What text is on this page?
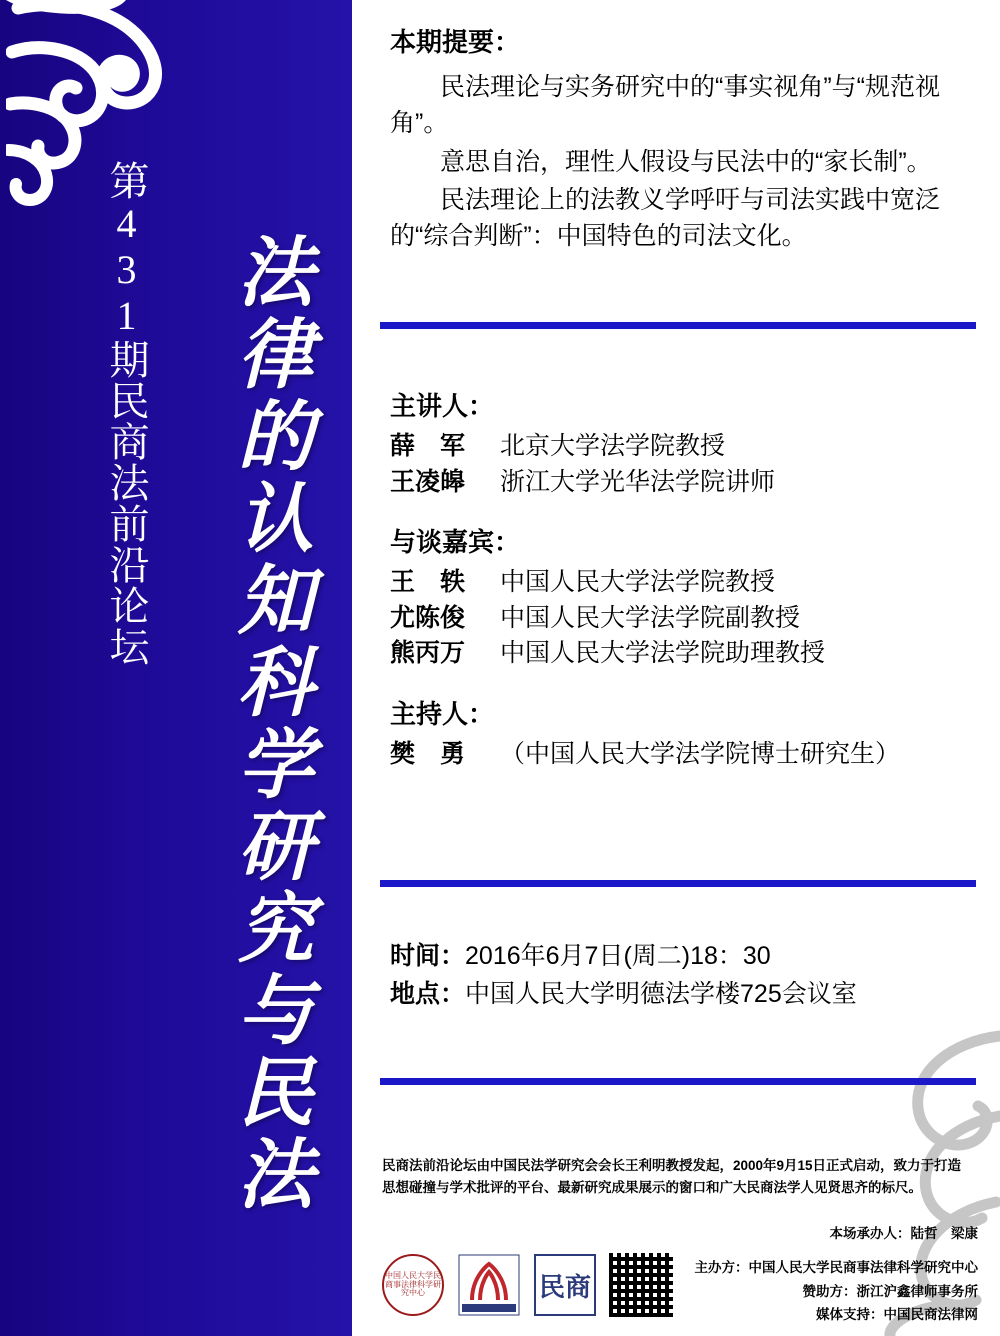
第431期民商法前沿论坛	法律的认知科学研究与民法
本期提要：

民法理论与实务研究中的“事实视角”与“规范视角”。

意思自治，理性人假设与民法中的“家长制”。

民法理论上的法教义学呼吁与司法实践中宽泛的“综合判断”：中国特色的司法文化。

主讲人：
薛　军 北京大学法学院教授
王凌皞 浙江大学光华法学院讲师
与谈嘉宾：
王　轶 中国人民大学法学院教授
尤陈俊 中国人民大学法学院副教授
熊丙万 中国人民大学法学院助理教授
主持人：
樊　勇 （中国人民大学法学院博士研究生）
时间：2016年6月7日(周二)18：30
地点：中国人民大学明德法学楼725会议室
民商法前沿论坛由中国民法学研究会会长王利明教授发起，2000年9月15日正式启动，致力于打造思想碰撞与学术批评的平台、最新研究成果展示的窗口和广大民商法学人见贤思齐的标尺。
本场承办人：陆哲　梁康
中国人民大学民商事法律科学研究中心	民商
主办方：中国人民大学民商事法律科学研究中心
赞助方：浙江沪鑫律师事务所
媒体支持：中国民商法律网
